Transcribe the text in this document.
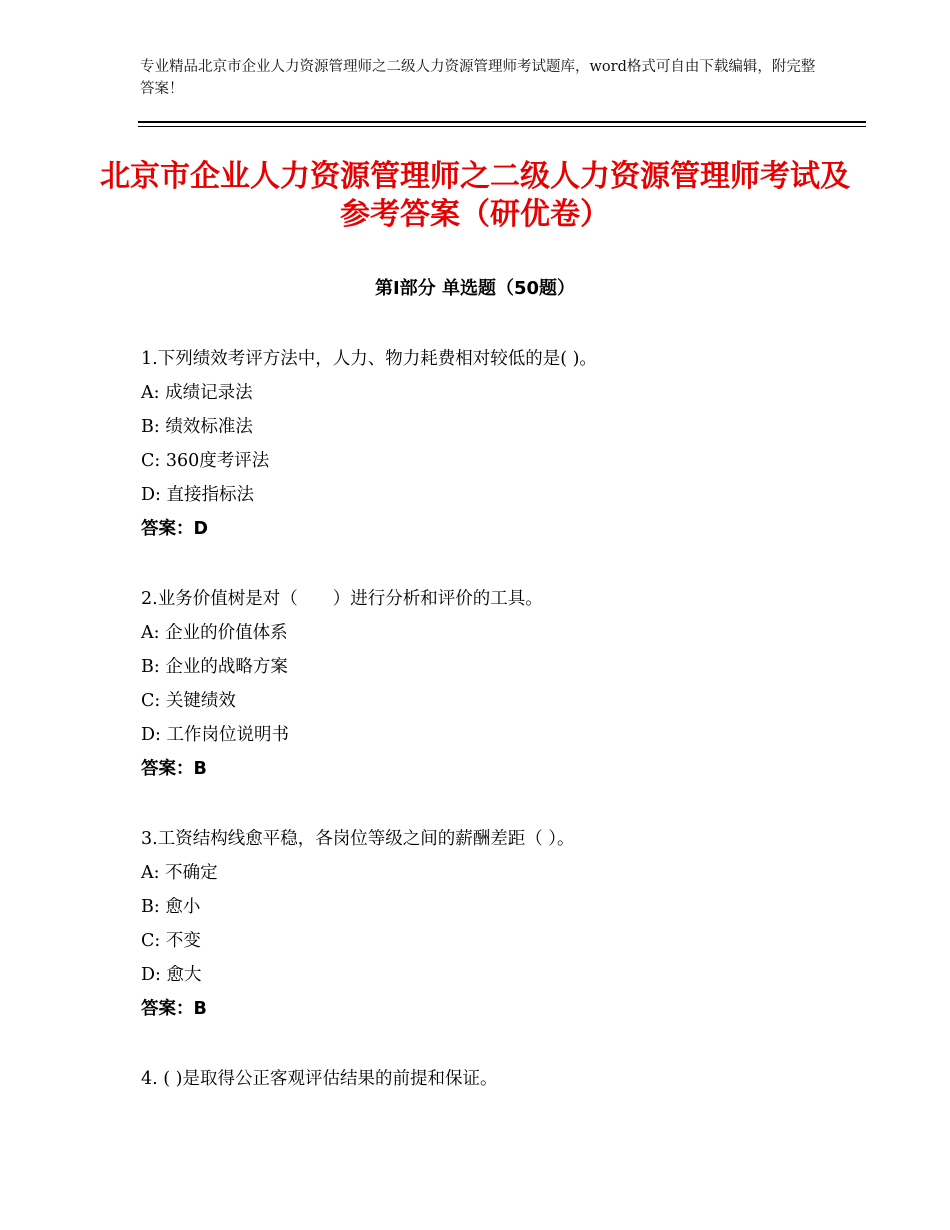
专业精品北京市企业人力资源管理师之二级人力资源管理师考试题库，word格式可自由下载编辑，附完整答案！
北京市企业人力资源管理师之二级人力资源管理师考试及参考答案（研优卷）
第Ⅰ部分 单选题（50题）
1.下列绩效考评方法中，人力、物力耗费相对较低的是( )。
A: 成绩记录法
B: 绩效标准法
C: 360度考评法
D: 直接指标法
答案：D
2.业务价值树是对（　　）进行分析和评价的工具。
A: 企业的价值体系
B: 企业的战略方案
C: 关键绩效
D: 工作岗位说明书
答案：B
3.工资结构线愈平稳，各岗位等级之间的薪酬差距（ ）。
A: 不确定
B: 愈小
C: 不变
D: 愈大
答案：B
4. ( )是取得公正客观评估结果的前提和保证。
